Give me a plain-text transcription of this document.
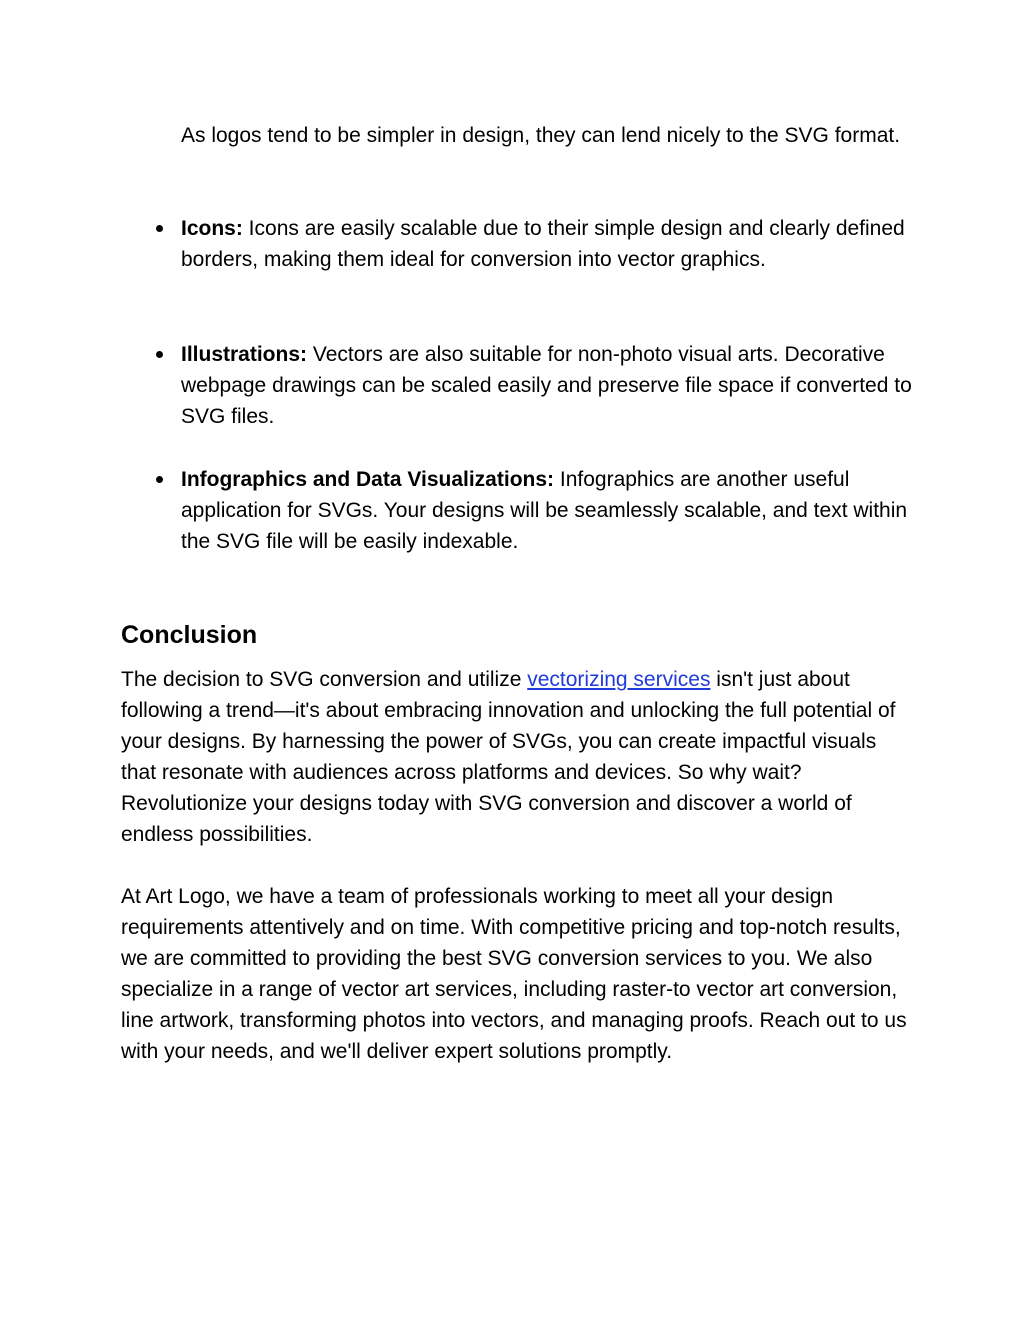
As logos tend to be simpler in design, they can lend nicely to the SVG format.

Icons: Icons are easily scalable due to their simple design and clearly defined borders, making them ideal for conversion into vector graphics.
Illustrations: Vectors are also suitable for non-photo visual arts. Decorative webpage drawings can be scaled easily and preserve file space if converted to SVG files.
Infographics and Data Visualizations: Infographics are another useful application for SVGs. Your designs will be seamlessly scalable, and text within the SVG file will be easily indexable.
Conclusion

The decision to SVG conversion and utilize vectorizing services isn't just about following a trend—it's about embracing innovation and unlocking the full potential of your designs. By harnessing the power of SVGs, you can create impactful visuals that resonate with audiences across platforms and devices. So why wait? Revolutionize your designs today with SVG conversion and discover a world of endless possibilities.

At Art Logo, we have a team of professionals working to meet all your design requirements attentively and on time. With competitive pricing and top-notch results, we are committed to providing the best SVG conversion services to you. We also specialize in a range of vector art services, including raster-to vector art conversion, line artwork, transforming photos into vectors, and managing proofs. Reach out to us with your needs, and we'll deliver expert solutions promptly.
